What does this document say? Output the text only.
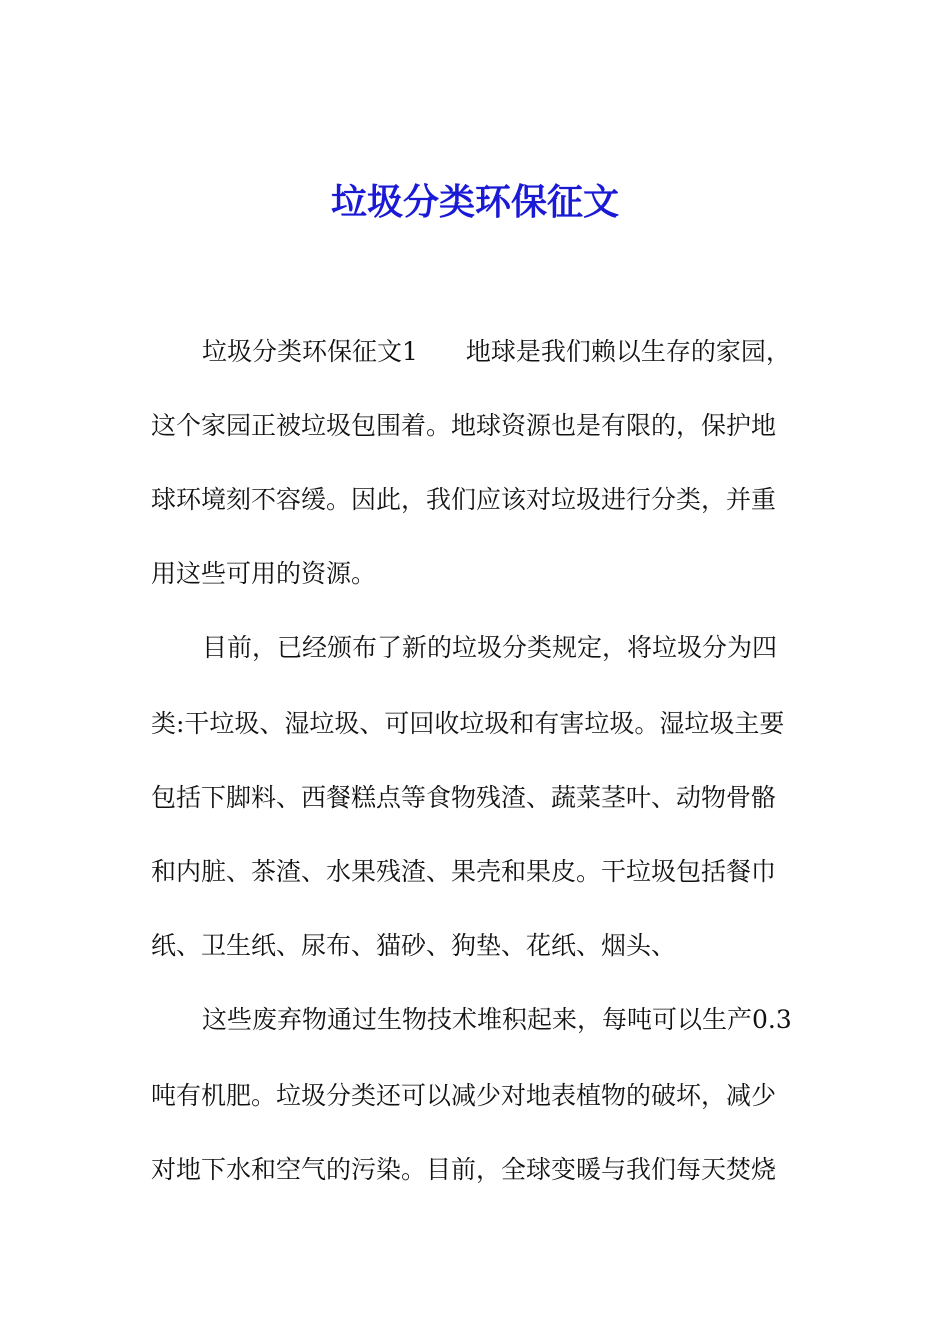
垃圾分类环保征文
垃圾分类环保征文1 地球是我们赖以生存的家园，
这个家园正被垃圾包围着。地球资源也是有限的，保护地
球环境刻不容缓。因此，我们应该对垃圾进行分类，并重
用这些可用的资源。
目前，已经颁布了新的垃圾分类规定，将垃圾分为四
类:干垃圾、湿垃圾、可回收垃圾和有害垃圾。湿垃圾主要
包括下脚料、西餐糕点等食物残渣、蔬菜茎叶、动物骨骼
和内脏、茶渣、水果残渣、果壳和果皮。干垃圾包括餐巾
纸、卫生纸、尿布、猫砂、狗垫、花纸、烟头、
这些废弃物通过生物技术堆积起来，每吨可以生产0.3
吨有机肥。垃圾分类还可以减少对地表植物的破坏，减少
对地下水和空气的污染。目前，全球变暖与我们每天焚烧
